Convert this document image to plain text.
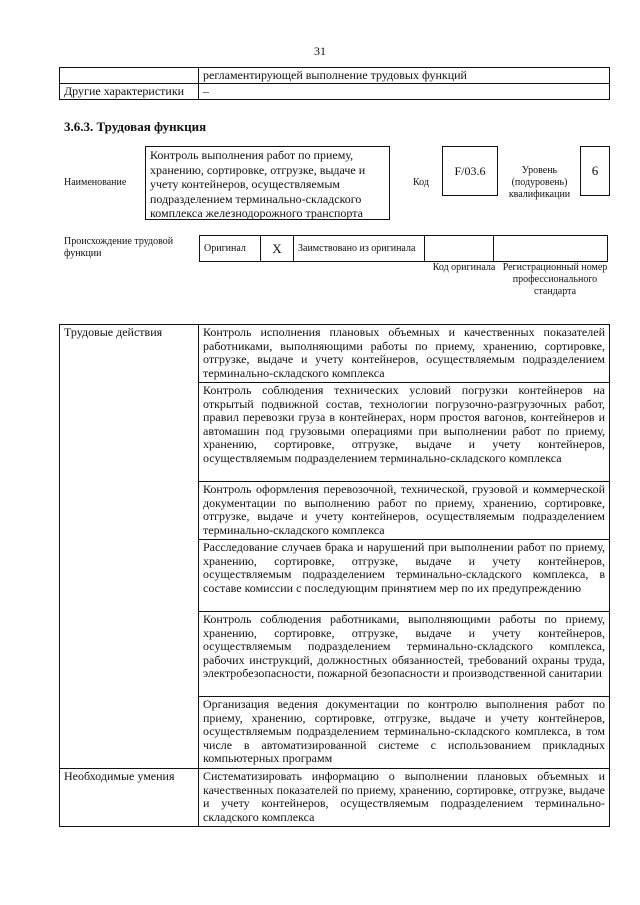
31
	регламентирующей выполнение трудовых функций
Другие характеристики	–
3.6.3. Трудовая функция
Наименование
Контроль выполнения работ по приему, хранению, сортировке, отгрузке, выдаче и учету контейнеров, осуществляемым подразделением терминально-складского комплекса железнодорожного транспорта
Код
F/03.6	Уровень (подуровень) квалификации
6
Происхождение трудовой функции	Оригинал	X	Заимствовано из оригинала		
Код оригинала Регистрационный номер профессионального стандарта
Трудовые действия	Контроль исполнения плановых объемных и качественных показателей работниками, выполняющими работы по приему, хранению, сортировке, отгрузке, выдаче и учету контейнеров, осуществляемым подразделением терминально-складского комплекса
	Контроль соблюдения технических условий погрузки контейнеров на открытый подвижной состав, технологии погрузочно-разгрузочных работ, правил перевозки груза в контейнерах, норм простоя вагонов, контейнеров и автомашин под грузовыми операциями при выполнении работ по приему, хранению, сортировке, отгрузке, выдаче и учету контейнеров, осуществляемым подразделением терминально-складского комплекса
	Контроль оформления перевозочной, технической, грузовой и коммерческой документации по выполнению работ по приему, хранению, сортировке, отгрузке, выдаче и учету контейнеров, осуществляемым подразделением терминально-складского комплекса
	Расследование случаев брака и нарушений при выполнении работ по приему, хранению, сортировке, отгрузке, выдаче и учету контейнеров, осуществляемым подразделением терминально-складского комплекса, в составе комиссии с последующим принятием мер по их предупреждению
	Контроль соблюдения работниками, выполняющими работы по приему, хранению, сортировке, отгрузке, выдаче и учету контейнеров, осуществляемым подразделением терминально-складского комплекса, рабочих инструкций, должностных обязанностей, требований охраны труда, электробезопасности, пожарной безопасности и производственной санитарии
	Организация ведения документации по контролю выполнения работ по приему, хранению, сортировке, отгрузке, выдаче и учету контейнеров, осуществляемым подразделением терминально-складского комплекса, в том числе в автоматизированной системе с использованием прикладных компьютерных программ
Необходимые умения	Систематизировать информацию о выполнении плановых объемных и качественных показателей по приему, хранению, сортировке, отгрузке, выдаче и учету контейнеров, осуществляемым подразделением терминально-складского комплекса
